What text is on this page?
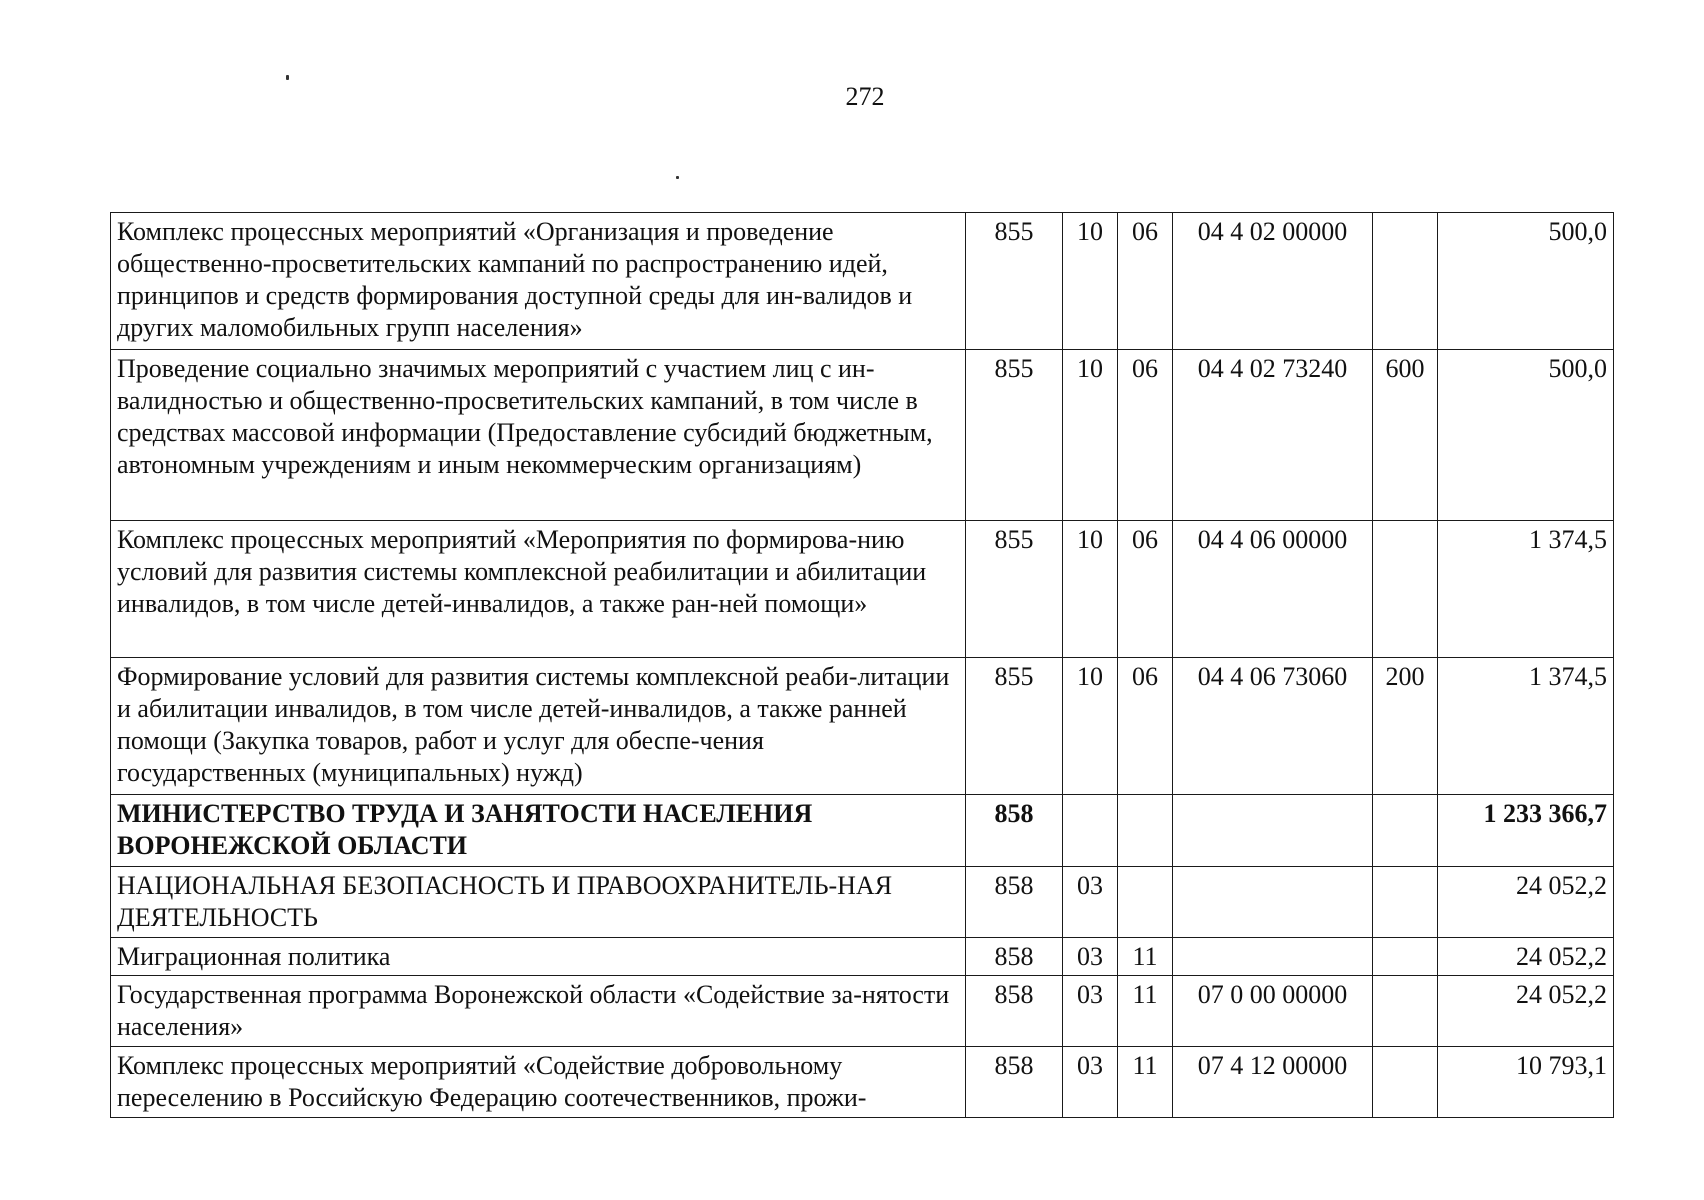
272
Комплекс процессных мероприятий «Организация и проведение общественно-просветительских кампаний по распространению идей, принципов и средств формирования доступной среды для ин-валидов и других маломобильных групп населения»	855	10	06	04 4 02 00000		500,0
Проведение социально значимых мероприятий с участием лиц с ин-валидностью и общественно-просветительских кампаний, в том числе в средствах массовой информации (Предоставление субсидий бюджетным, автономным учреждениям и иным некоммерческим организациям)	855	10	06	04 4 02 73240	600	500,0
Комплекс процессных мероприятий «Мероприятия по формирова-нию условий для развития системы комплексной реабилитации и абилитации инвалидов, в том числе детей-инвалидов, а также ран-ней помощи»	855	10	06	04 4 06 00000		1 374,5
Формирование условий для развития системы комплексной реаби-литации и абилитации инвалидов, в том числе детей-инвалидов, а также ранней помощи (Закупка товаров, работ и услуг для обеспе-чения государственных (муниципальных) нужд)	855	10	06	04 4 06 73060	200	1 374,5
МИНИСТЕРСТВО ТРУДА И ЗАНЯТОСТИ НАСЕЛЕНИЯ ВОРОНЕЖСКОЙ ОБЛАСТИ	858					1 233 366,7
НАЦИОНАЛЬНАЯ БЕЗОПАСНОСТЬ И ПРАВООХРАНИТЕЛЬ-НАЯ ДЕЯТЕЛЬНОСТЬ	858	03				24 052,2
Миграционная политика	858	03	11			24 052,2
Государственная программа Воронежской области «Содействие за-нятости населения»	858	03	11	07 0 00 00000		24 052,2
Комплекс процессных мероприятий «Содействие добровольному переселению в Российскую Федерацию соотечественников, прожи-	858	03	11	07 4 12 00000		10 793,1
